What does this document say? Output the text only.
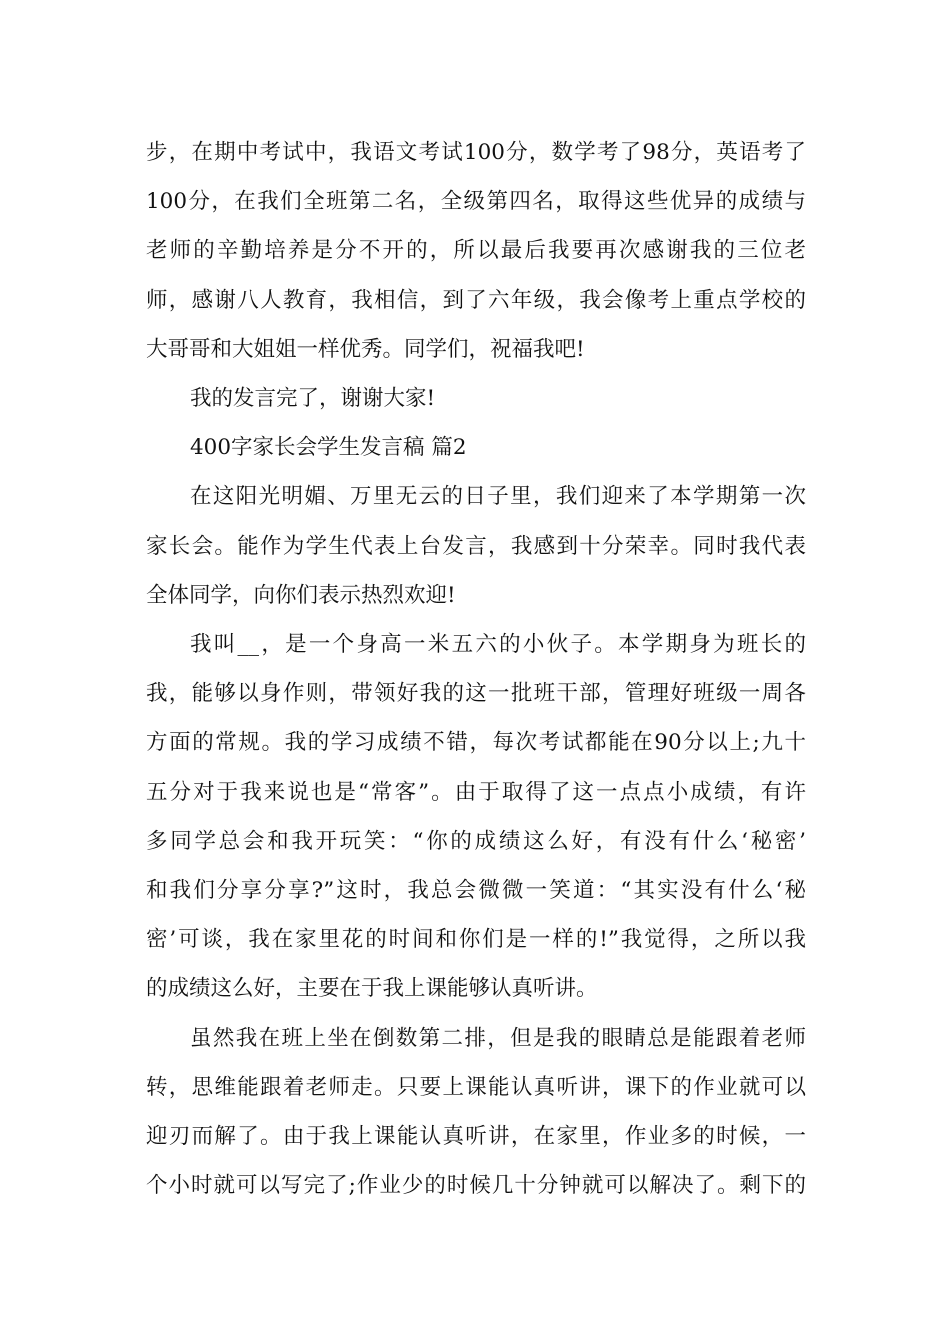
步，在期中考试中，我语文考试100分，数学考了98分，英语考了
100分，在我们全班第二名，全级第四名，取得这些优异的成绩与
老师的辛勤培养是分不开的，所以最后我要再次感谢我的三位老
师，感谢八人教育，我相信，到了六年级，我会像考上重点学校的
大哥哥和大姐姐一样优秀。同学们，祝福我吧!

我的发言完了，谢谢大家!

400字家长会学生发言稿 篇2

在这阳光明媚、万里无云的日子里，我们迎来了本学期第一次
家长会。能作为学生代表上台发言，我感到十分荣幸。同时我代表
全体同学，向你们表示热烈欢迎!

我叫__，是一个身高一米五六的小伙子。本学期身为班长的
我，能够以身作则，带领好我的这一批班干部，管理好班级一周各
方面的常规。我的学习成绩不错，每次考试都能在90分以上;九十
五分对于我来说也是“常客”。由于取得了这一点点小成绩，有许
多同学总会和我开玩笑：“你的成绩这么好，有没有什么‘秘密’
和我们分享分享?”这时，我总会微微一笑道：“其实没有什么‘秘
密’可谈，我在家里花的时间和你们是一样的!”我觉得，之所以我
的成绩这么好，主要在于我上课能够认真听讲。

虽然我在班上坐在倒数第二排，但是我的眼睛总是能跟着老师
转，思维能跟着老师走。只要上课能认真听讲，课下的作业就可以
迎刃而解了。由于我上课能认真听讲，在家里，作业多的时候，一
个小时就可以写完了;作业少的时候几十分钟就可以解决了。剩下的
